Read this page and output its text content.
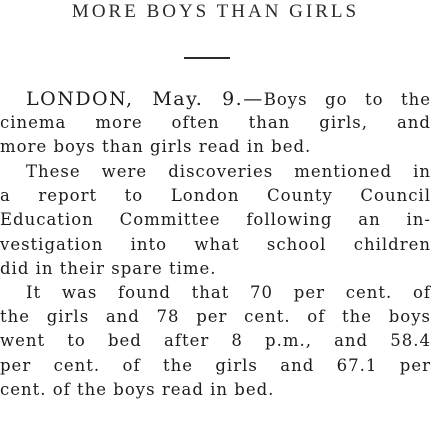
MORE BOYS THAN GIRLS
LONDON, May. 9.—Boys go to the
cinema more often than girls, and
more boys than girls read in bed.
These were discoveries mentioned in
a report to London County Council
Education Committee following an in-
vestigation into what school children
did in their spare time.
It was found that 70 per cent. of
the girls and 78 per cent. of the boys
went to bed after 8 p.m., and 58.4
per cent. of the girls and 67.1 per
cent. of the boys read in bed.
